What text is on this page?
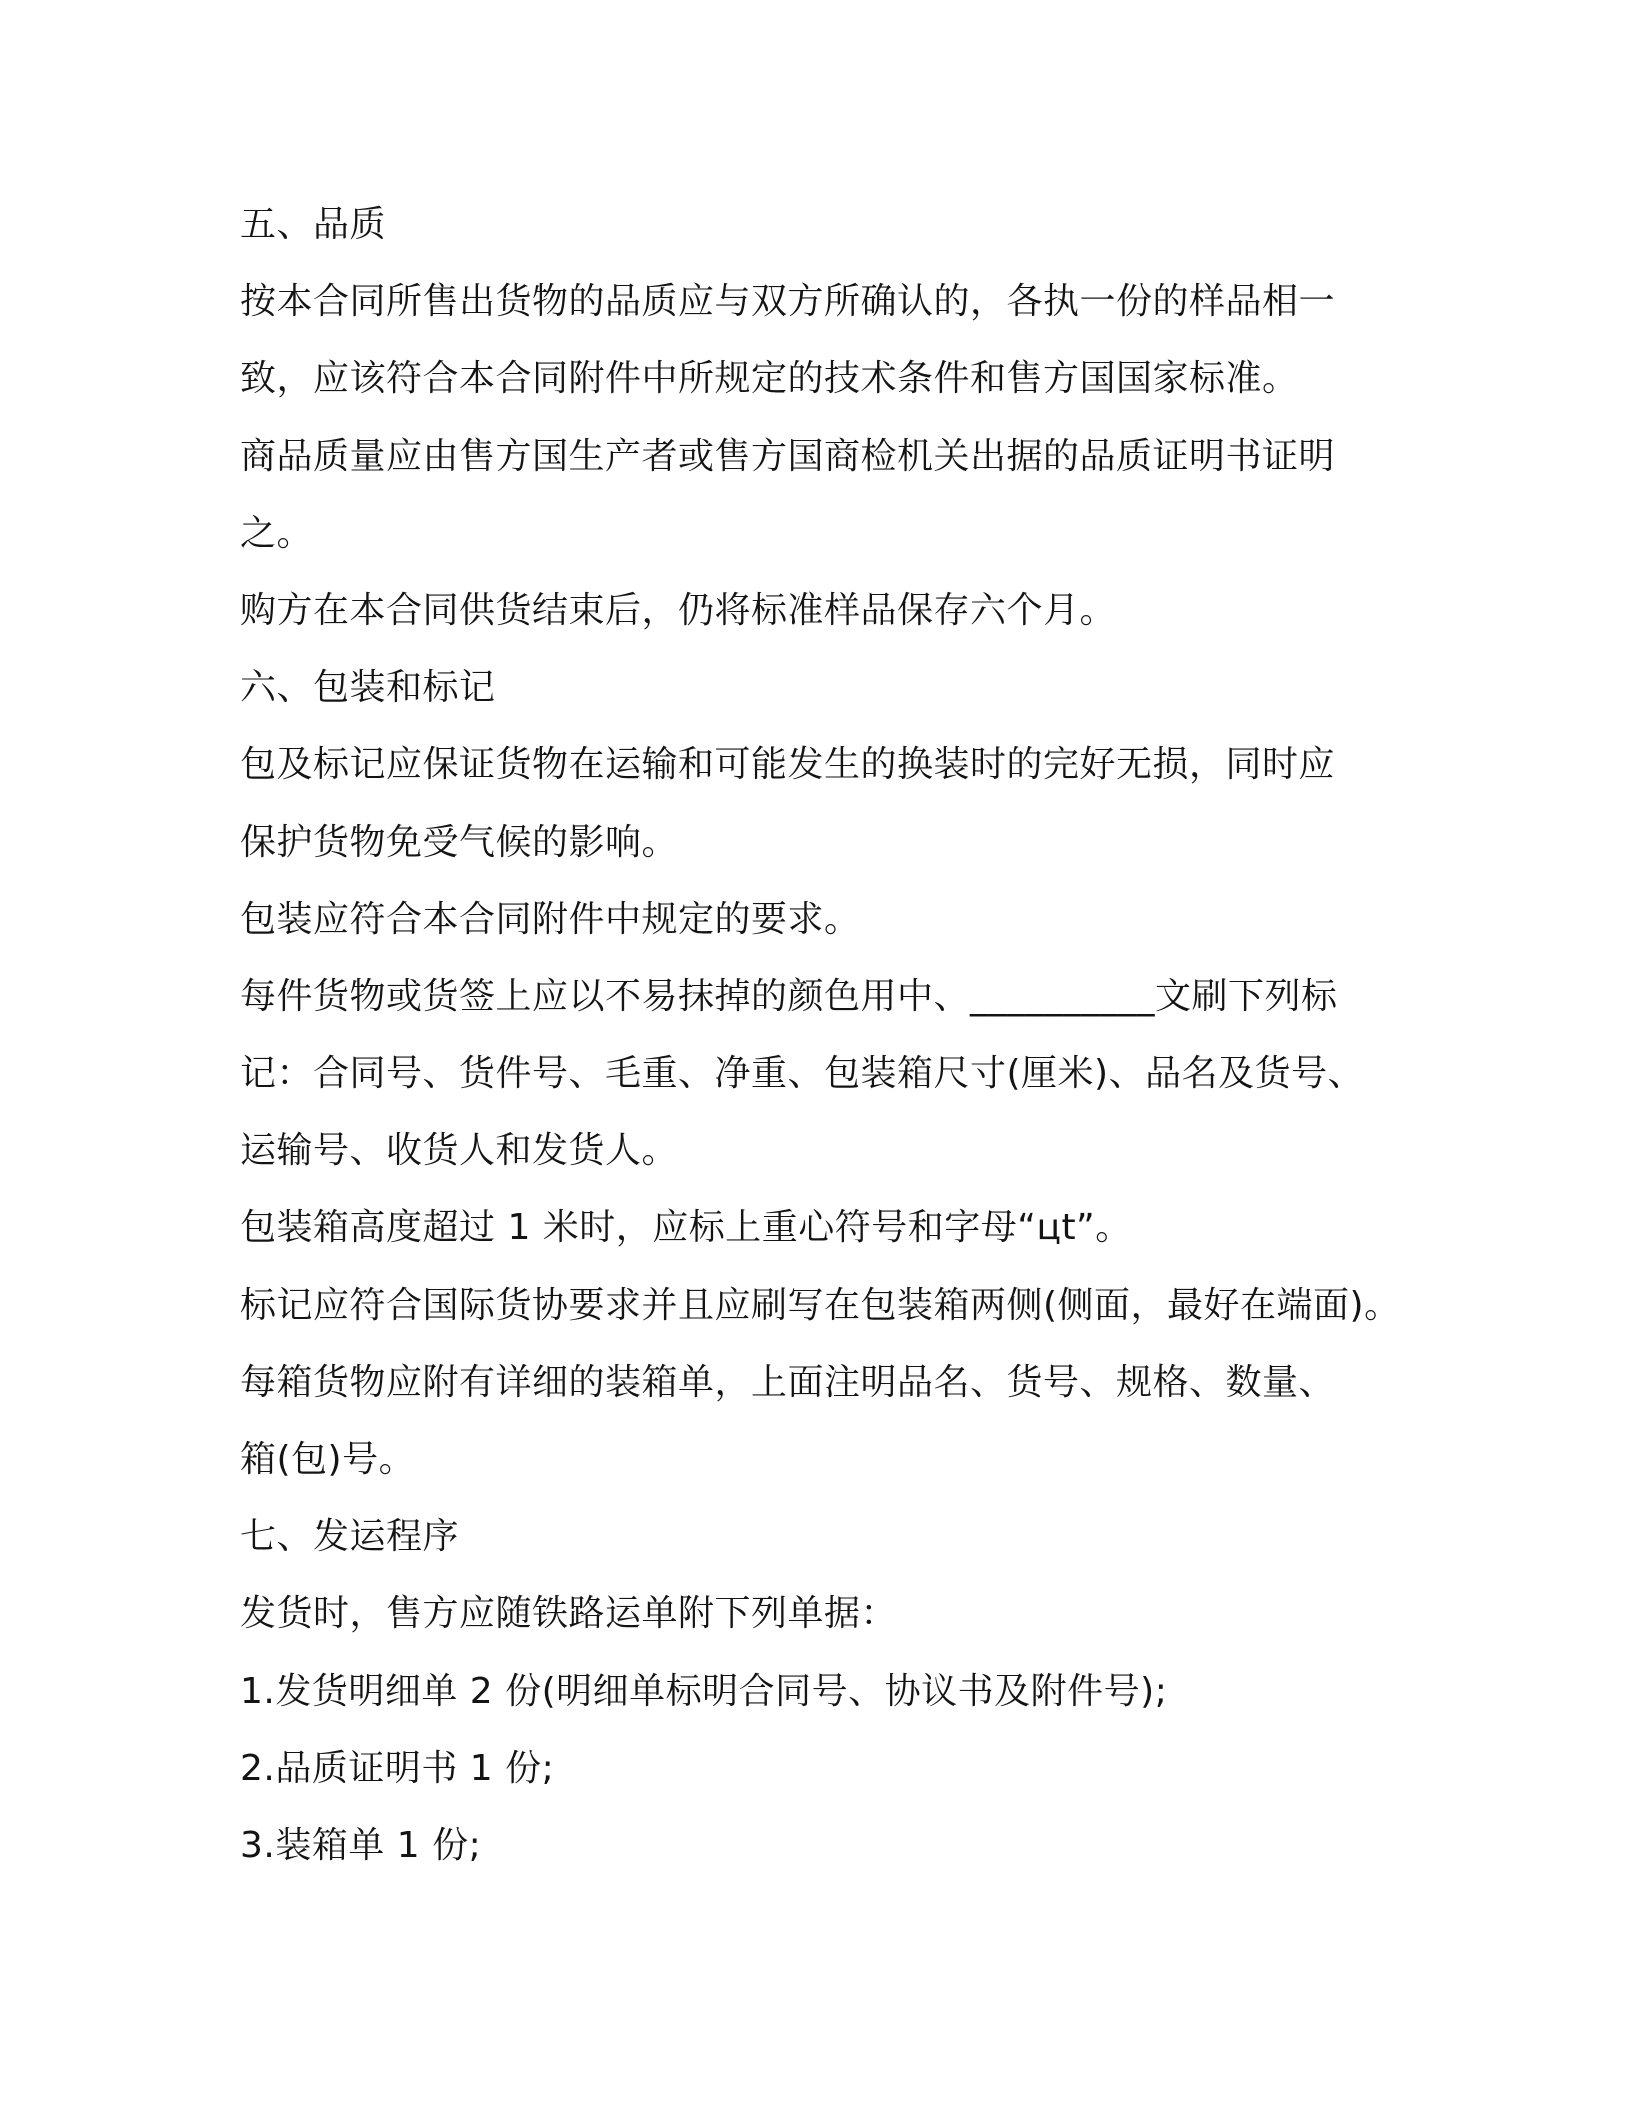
五、品质
按本合同所售出货物的品质应与双方所确认的，各执一份的样品相一
致，应该符合本合同附件中所规定的技术条件和售方国国家标准。
商品质量应由售方国生产者或售方国商检机关出据的品质证明书证明
之。
购方在本合同供货结束后，仍将标准样品保存六个月。
六、包装和标记
包及标记应保证货物在运输和可能发生的换装时的完好无损，同时应
保护货物免受气候的影响。
包装应符合本合同附件中规定的要求。
每件货物或货签上应以不易抹掉的颜色用中、__________文刷下列标
记：合同号、货件号、毛重、净重、包装箱尺寸(厘米)、品名及货号、
运输号、收货人和发货人。
包装箱高度超过 1 米时，应标上重心符号和字母“цt”。
标记应符合国际货协要求并且应刷写在包装箱两侧(侧面，最好在端面)。
每箱货物应附有详细的装箱单，上面注明品名、货号、规格、数量、
箱(包)号。
七、发运程序
发货时，售方应随铁路运单附下列单据：
1.发货明细单 2 份(明细单标明合同号、协议书及附件号);
2.品质证明书 1 份;
3.装箱单 1 份;
